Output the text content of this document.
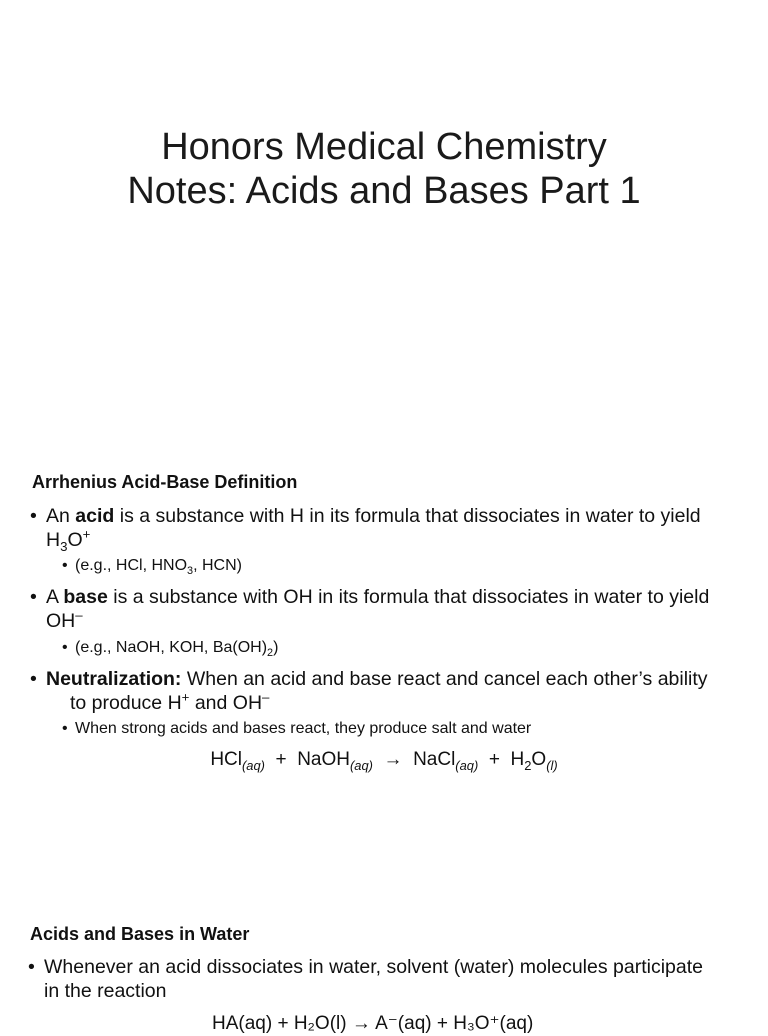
Honors Medical Chemistry
Notes: Acids and Bases Part 1
Arrhenius Acid-Base Definition
• An acid is a substance with H in its formula that dissociates in water to yield
$H_3O^+$
• (e.g., HCl, $HNO_3$, HCN)
• A base is a substance with OH in its formula that dissociates in water to yield
OH–
• (e.g., NaOH, KOH, $Ba(OH)_2$)
• Neutralization: When an acid and base react and cancel each other’s ability
to produce H+ and OH–
• When strong acids and bases react, they produce salt and water
HCl$_{(aq)}$ + NaOH$_{(aq)}$ → NaCl$_{(aq)}$ + $H_2O_{(l)}$
Acids and Bases in Water
• Whenever an acid dissociates in water, solvent (water) molecules participate
in the reaction
HA(aq) + H₂O(l) → A⁻(aq) + H₃O⁺(aq)
